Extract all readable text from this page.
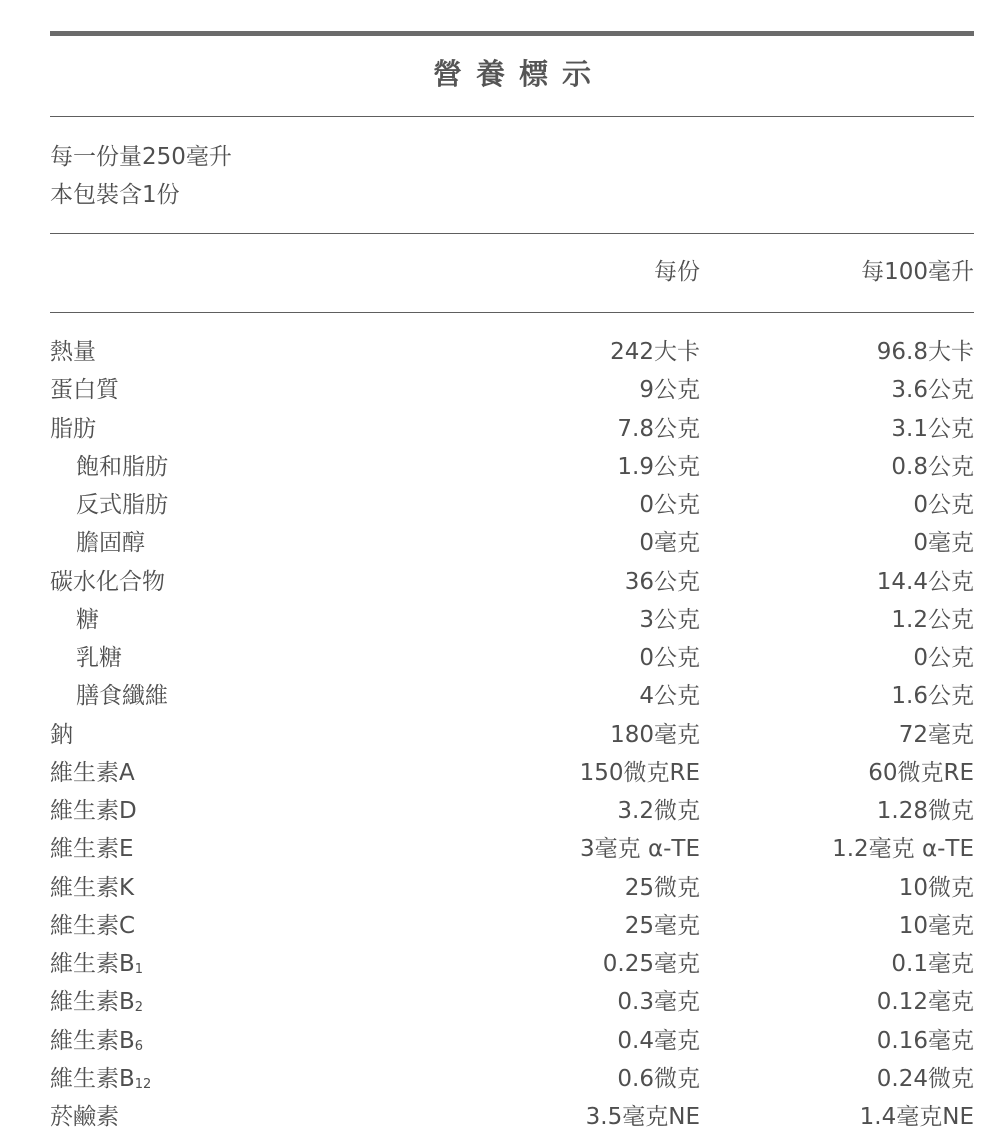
營養標示
每一份量250毫升
本包裝含1份
每份	每100毫升
熱量	242大卡	96.8大卡
蛋白質	9公克	3.6公克
脂肪	7.8公克	3.1公克
飽和脂肪	1.9公克	0.8公克
反式脂肪	0公克	0公克
膽固醇	0毫克	0毫克
碳水化合物	36公克	14.4公克
糖	3公克	1.2公克
乳糖	0公克	0公克
膳食纖維	4公克	1.6公克
鈉	180毫克	72毫克
維生素A	150微克RE	60微克RE
維生素D	3.2微克	1.28微克
維生素E	3毫克 α-TE	1.2毫克 α-TE
維生素K	25微克	10微克
維生素C	25毫克	10毫克
維生素B1	0.25毫克	0.1毫克
維生素B2	0.3毫克	0.12毫克
維生素B6	0.4毫克	0.16毫克
維生素B12	0.6微克	0.24微克
菸鹼素	3.5毫克NE	1.4毫克NE
